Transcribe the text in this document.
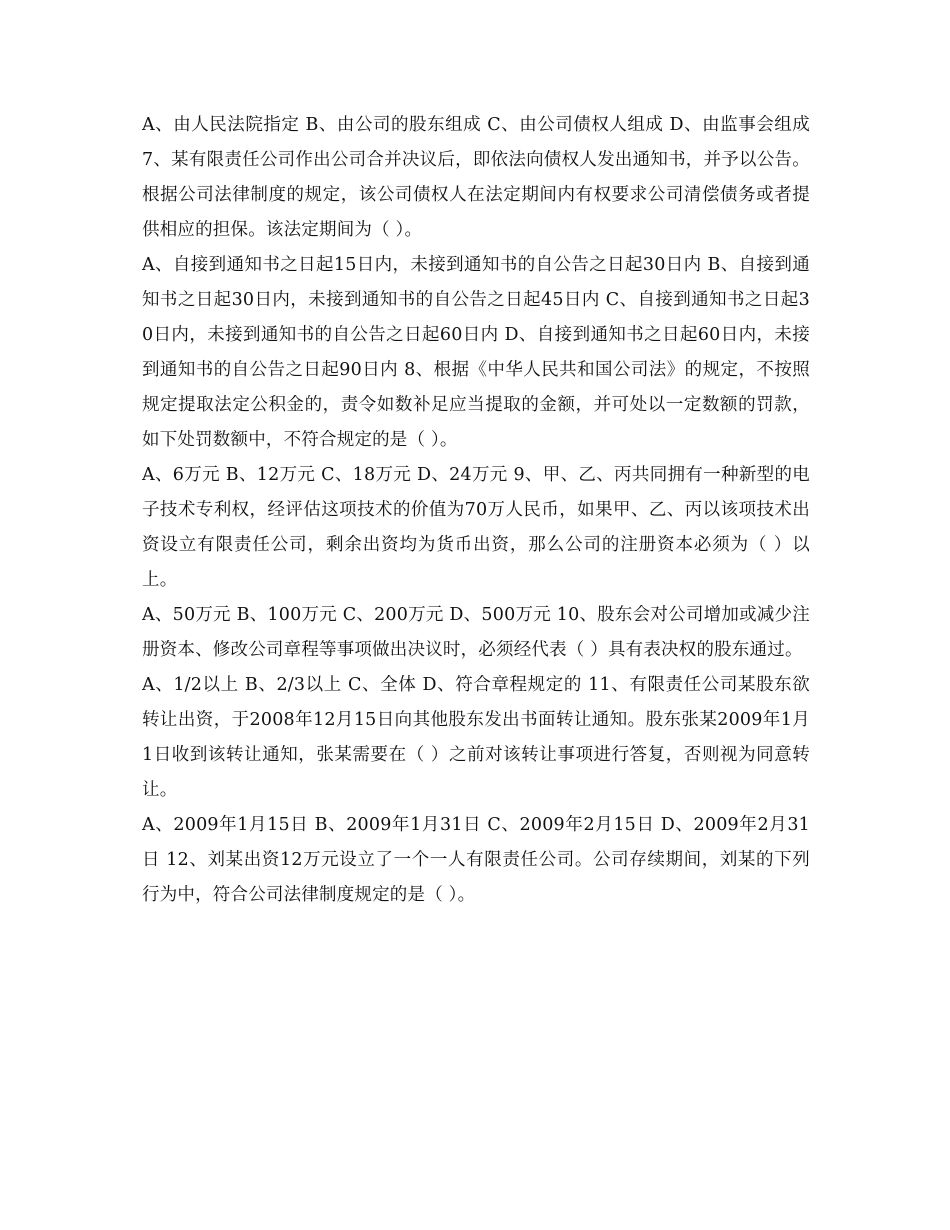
A、由人民法院指定 B、由公司的股东组成 C、由公司债权人组成 D、由监事会组成 7、某有限责任公司作出公司合并决议后，即依法向债权人发出通知书，并予以公告。根据公司法律制度的规定，该公司债权人在法定期间内有权要求公司清偿债务或者提供相应的担保。该法定期间为（ ）。

A、自接到通知书之日起15日内，未接到通知书的自公告之日起30日内 B、自接到通知书之日起30日内，未接到通知书的自公告之日起45日内 C、自接到通知书之日起30日内，未接到通知书的自公告之日起60日内 D、自接到通知书之日起60日内，未接到通知书的自公告之日起90日内 8、根据《中华人民共和国公司法》的规定，不按照规定提取法定公积金的，责令如数补足应当提取的金额，并可处以一定数额的罚款，如下处罚数额中，不符合规定的是（ ）。

A、6万元 B、12万元 C、18万元 D、24万元 9、甲、乙、丙共同拥有一种新型的电子技术专利权，经评估这项技术的价值为70万人民币，如果甲、乙、丙以该项技术出资设立有限责任公司，剩余出资均为货币出资，那么公司的注册资本必须为（ ）以上。

A、50万元 B、100万元 C、200万元 D、500万元 10、股东会对公司增加或减少注册资本、修改公司章程等事项做出决议时，必须经代表（ ）具有表决权的股东通过。

A、1/2以上 B、2/3以上 C、全体 D、符合章程规定的 11、有限责任公司某股东欲转让出资，于2008年12月15日向其他股东发出书面转让通知。股东张某2009年1月1日收到该转让通知，张某需要在（ ）之前对该转让事项进行答复，否则视为同意转让。

A、2009年1月15日 B、2009年1月31日 C、2009年2月15日 D、2009年2月31日 12、刘某出资12万元设立了一个一人有限责任公司。公司存续期间，刘某的下列行为中，符合公司法律制度规定的是（ ）。
